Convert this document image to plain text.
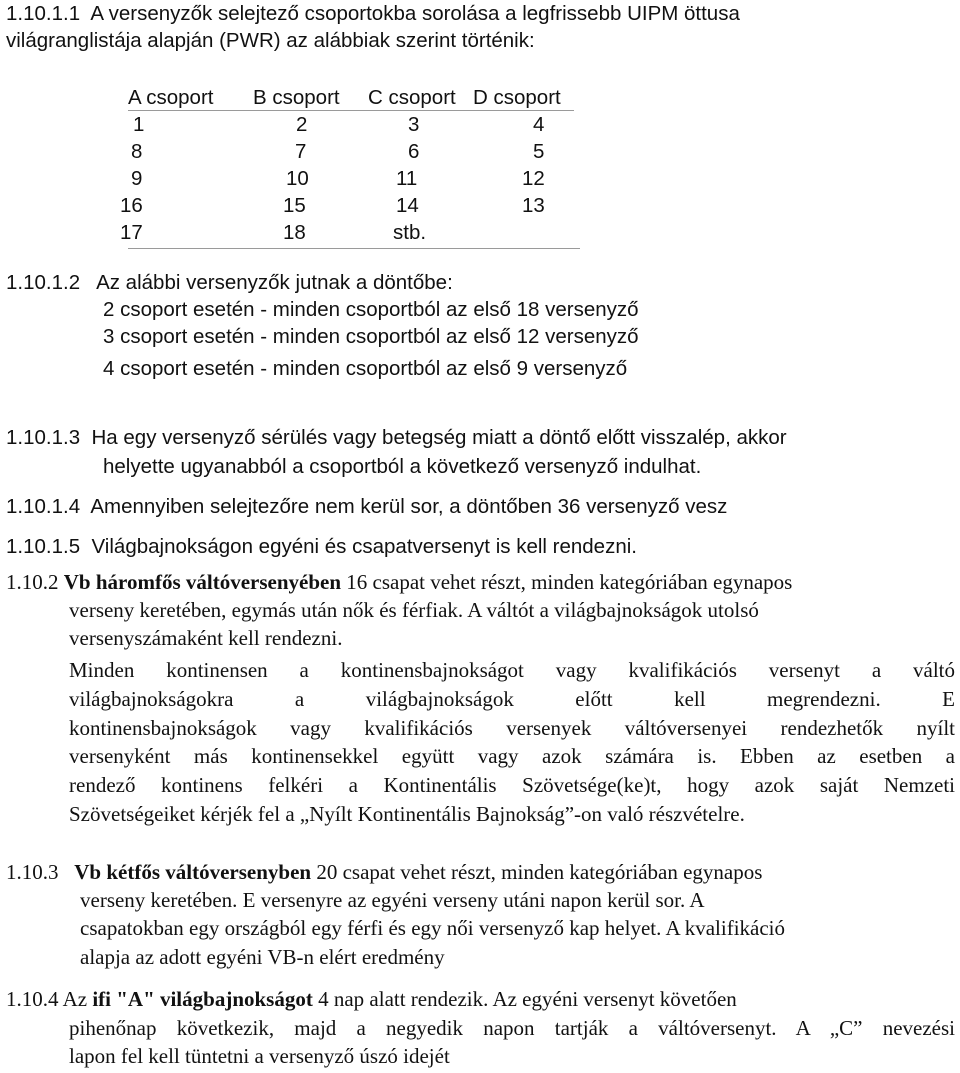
1.10.1.1 A versenyzők selejtező csoportokba sorolása a legfrissebb UIPM öttusa
világranglistája alapján (PWR) az alábbiak szerint történik:
A csoport B csoport C csoport D csoport
1	2	3	4
8	7	6	5
9	10	11	12
16	15	14	13
17	18	stb.
1.10.1.2 Az alábbi versenyzők jutnak a döntőbe:
2 csoport esetén - minden csoportból az első 18 versenyző
3 csoport esetén - minden csoportból az első 12 versenyző
4 csoport esetén - minden csoportból az első 9 versenyző
1.10.1.3 Ha egy versenyző sérülés vagy betegség miatt a döntő előtt visszalép, akkor
helyette ugyanabból a csoportból a következő versenyző indulhat.
1.10.1.4 Amennyiben selejtezőre nem kerül sor, a döntőben 36 versenyző vesz
1.10.1.5 Világbajnokságon egyéni és csapatversenyt is kell rendezni.
1.10.2 Vb háromfős váltóversenyében 16 csapat vehet részt, minden kategóriában egynapos
verseny keretében, egymás után nők és férfiak. A váltót a világbajnokságok utolsó
versenyszámaként kell rendezni.
Minden kontinensen a kontinensbajnokságot vagy kvalifikációs versenyt a váltó
világbajnokságokra a világbajnokságok előtt kell megrendezni. E
kontinensbajnokságok vagy kvalifikációs versenyek váltóversenyei rendezhetők nyílt
versenyként más kontinensekkel együtt vagy azok számára is. Ebben az esetben a
rendező kontinens felkéri a Kontinentális Szövetsége(ke)t, hogy azok saját Nemzeti
Szövetségeiket kérjék fel a „Nyílt Kontinentális Bajnokság”-on való részvételre.
1.10.3 Vb kétfős váltóversenyben 20 csapat vehet részt, minden kategóriában egynapos
verseny keretében. E versenyre az egyéni verseny utáni napon kerül sor. A
csapatokban egy országból egy férfi és egy női versenyző kap helyet. A kvalifikáció
alapja az adott egyéni VB-n elért eredmény
1.10.4 Az ifi "A" világbajnokságot 4 nap alatt rendezik. Az egyéni versenyt követően
pihenőnap következik, majd a negyedik napon tartják a váltóversenyt. A „C” nevezési
lapon fel kell tüntetni a versenyző úszó idejét
